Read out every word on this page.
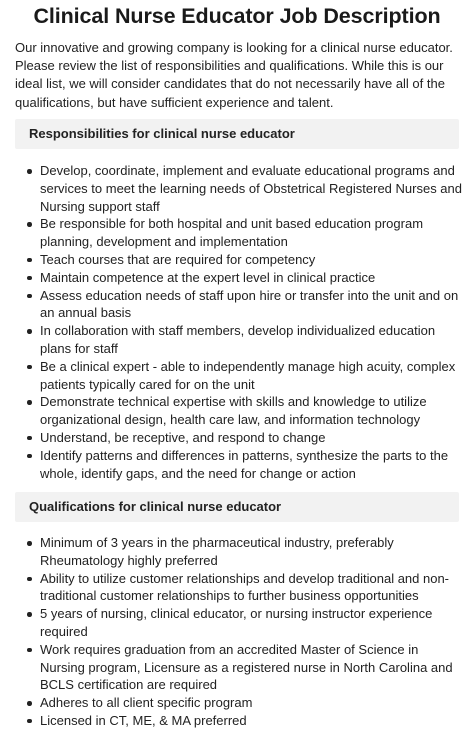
Clinical Nurse Educator Job Description

Our innovative and growing company is looking for a clinical nurse educator. Please review the list of responsibilities and qualifications. While this is our ideal list, we will consider candidates that do not necessarily have all of the qualifications, but have sufficient experience and talent.

Responsibilities for clinical nurse educator
Develop, coordinate, implement and evaluate educational programs and services to meet the learning needs of Obstetrical Registered Nurses and Nursing support staff
Be responsible for both hospital and unit based education program planning, development and implementation
Teach courses that are required for competency
Maintain competence at the expert level in clinical practice
Assess education needs of staff upon hire or transfer into the unit and on an annual basis
In collaboration with staff members, develop individualized education plans for staff
Be a clinical expert - able to independently manage high acuity, complex patients typically cared for on the unit
Demonstrate technical expertise with skills and knowledge to utilize organizational design, health care law, and information technology
Understand, be receptive, and respond to change
Identify patterns and differences in patterns, synthesize the parts to the whole, identify gaps, and the need for change or action
Qualifications for clinical nurse educator
Minimum of 3 years in the pharmaceutical industry, preferably Rheumatology highly preferred
Ability to utilize customer relationships and develop traditional and non-traditional customer relationships to further business opportunities
5 years of nursing, clinical educator, or nursing instructor experience required
Work requires graduation from an accredited Master of Science in Nursing program, Licensure as a registered nurse in North Carolina and BCLS certification are required
Adheres to all client specific program
Licensed in CT, ME, & MA preferred
